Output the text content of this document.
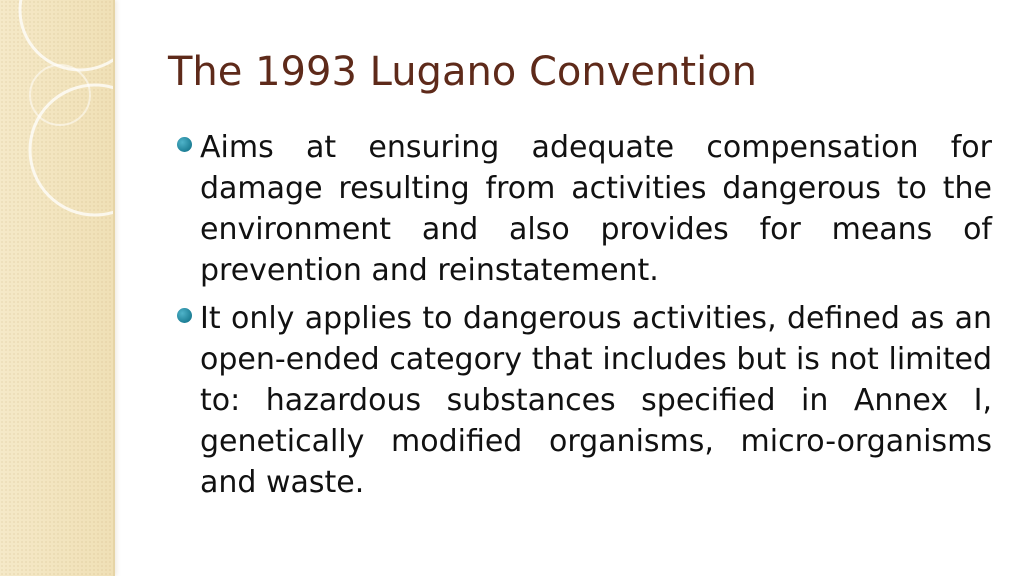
The 1993 Lugano Convention
Aims at ensuring adequate compensation for damage resulting from activities dangerous to the environment and also provides for means of prevention and reinstatement.
It only applies to dangerous activities, defined as an open-ended category that includes but is not limited to: hazardous substances specified in Annex I, genetically modified organisms, micro-organisms and waste.
